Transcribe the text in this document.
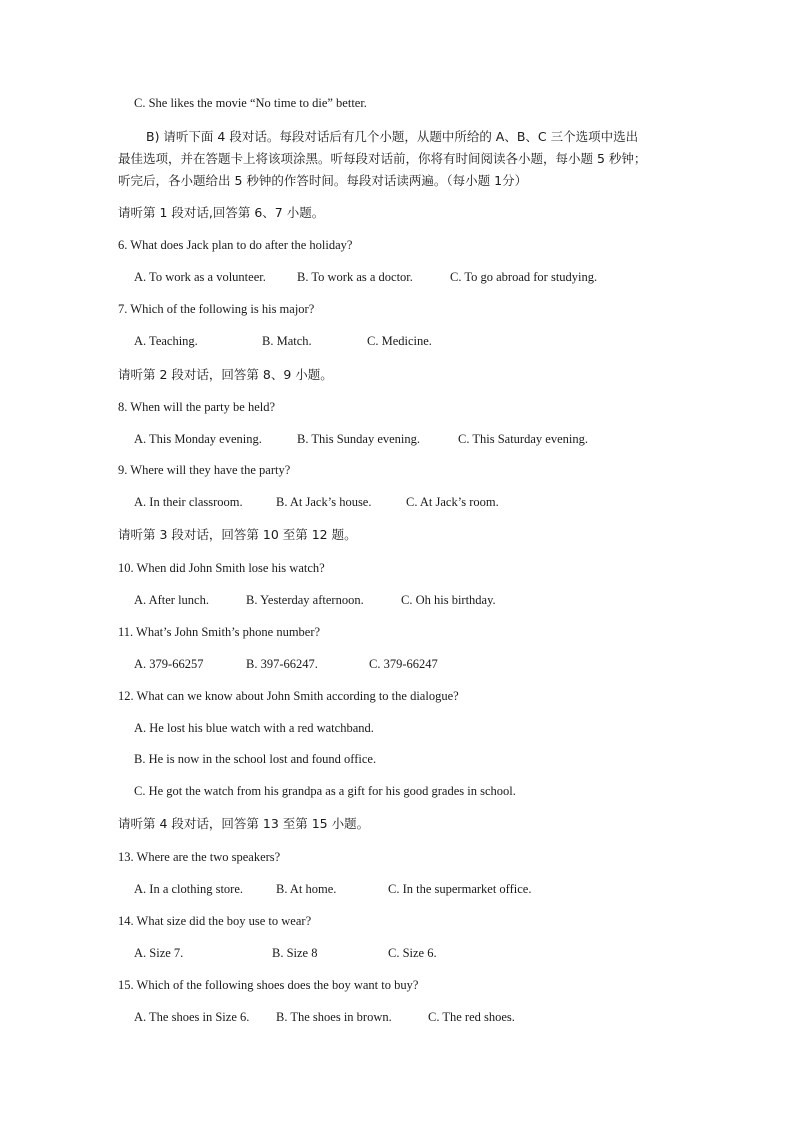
C. She likes the movie “No time to die” better.
B) 请听下面 4 段对话。每段对话后有几个小题，从题中所给的 A、B、C 三个选项中选出最佳选项，并在答题卡上将该项涂黑。听每段对话前，你将有时间阅读各小题，每小题 5 秒钟；听完后，各小题给出 5 秒钟的作答时间。每段对话读两遍。（每小题 1分）
请听第 1 段对话,回答第 6、7 小题。
6. What does Jack plan to do after the holiday?
A. To work as a volunteer. B. To work as a doctor.	C. To go abroad for studying.
7. Which of the following is his major?
A. Teaching.	B. Match.	C. Medicine.
请听第 2 段对话，回答第 8、9 小题。
8. When will the party be held?
A. This Monday evening.	B. This Sunday evening.	C. This Saturday evening.
9. Where will they have the party?
A. In their classroom.	B. At Jack’s house.	C. At Jack’s room.
请听第 3 段对话，回答第 10 至第 12 题。
10. When did John Smith lose his watch?
A. After lunch.	B. Yesterday afternoon.	C. Oh his birthday.
11. What’s John Smith’s phone number?
A. 379-66257	B. 397-66247.	C. 379-66247
12. What can we know about John Smith according to the dialogue?
A. He lost his blue watch with a red watchband.
B. He is now in the school lost and found office.
C. He got the watch from his grandpa as a gift for his good grades in school.
请听第 4 段对话，回答第 13 至第 15 小题。
13. Where are the two speakers?
A. In a clothing store.	B. At home.	C. In the supermarket office.
14. What size did the boy use to wear?
A. Size 7.	B. Size 8	C. Size 6.
15. Which of the following shoes does the boy want to buy?
A. The shoes in Size 6. B. The shoes in brown.	C. The red shoes.
